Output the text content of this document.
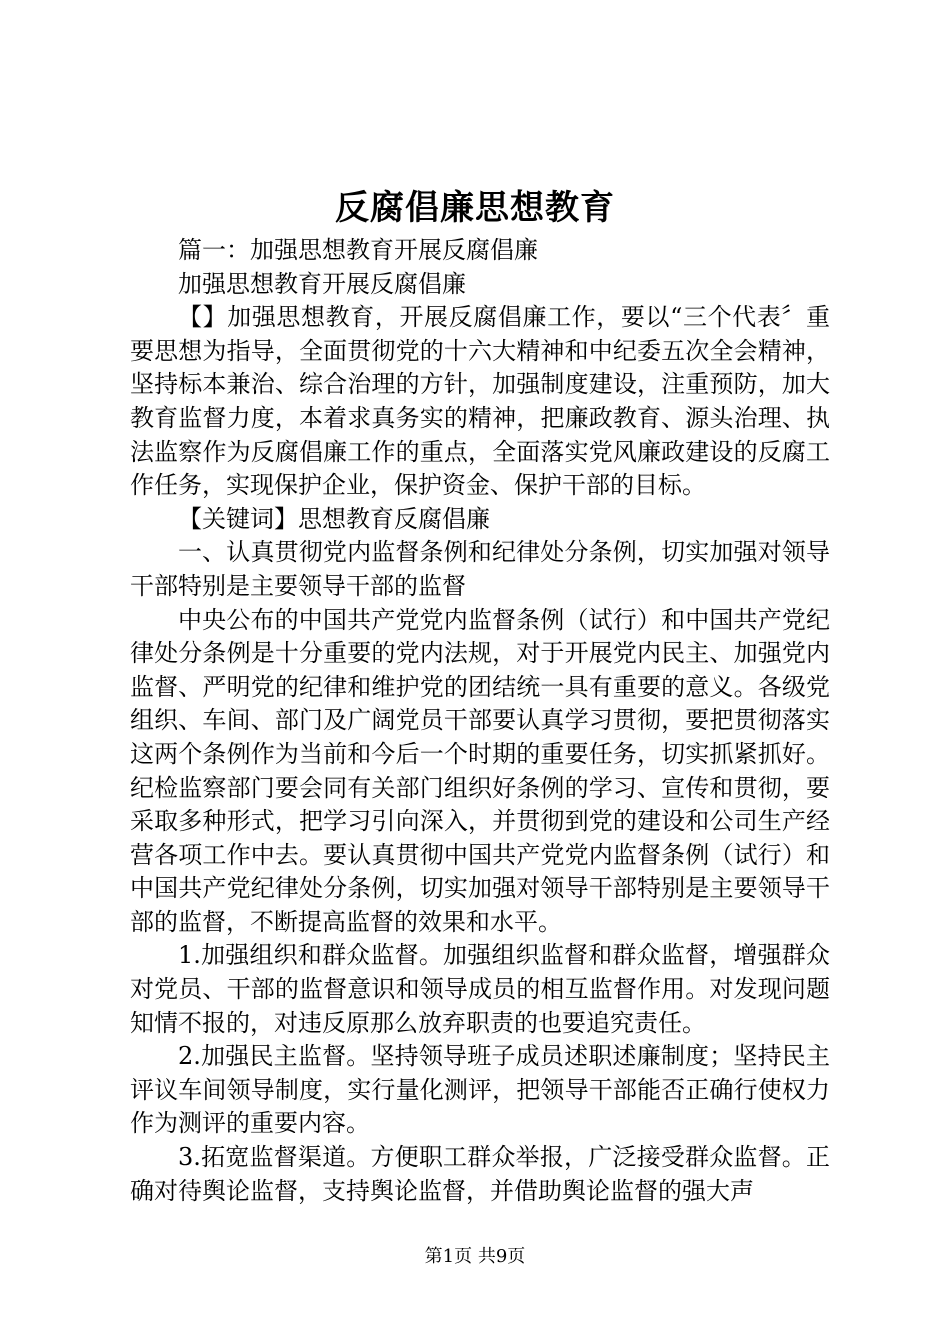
反腐倡廉思想教育

篇一：加强思想教育开展反腐倡廉

加强思想教育开展反腐倡廉

【】加强思想教育，开展反腐倡廉工作，要以“三个代表〞重要思想为指导，全面贯彻党的十六大精神和中纪委五次全会精神，坚持标本兼治、综合治理的方针，加强制度建设，注重预防，加大教育监督力度，本着求真务实的精神，把廉政教育、源头治理、执法监察作为反腐倡廉工作的重点，全面落实党风廉政建设的反腐工作任务，实现保护企业，保护资金、保护干部的目标。

【关键词】思想教育反腐倡廉

一、认真贯彻党内监督条例和纪律处分条例，切实加强对领导干部特别是主要领导干部的监督

中央公布的中国共产党党内监督条例（试行）和中国共产党纪律处分条例是十分重要的党内法规，对于开展党内民主、加强党内监督、严明党的纪律和维护党的团结统一具有重要的意义。各级党组织、车间、部门及广阔党员干部要认真学习贯彻，要把贯彻落实这两个条例作为当前和今后一个时期的重要任务，切实抓紧抓好。纪检监察部门要会同有关部门组织好条例的学习、宣传和贯彻，要采取多种形式，把学习引向深入，并贯彻到党的建设和公司生产经营各项工作中去。要认真贯彻中国共产党党内监督条例（试行）和中国共产党纪律处分条例，切实加强对领导干部特别是主要领导干部的监督，不断提高监督的效果和水平。

1.加强组织和群众监督。加强组织监督和群众监督，增强群众对党员、干部的监督意识和领导成员的相互监督作用。对发现问题知情不报的，对违反原那么放弃职责的也要追究责任。

2.加强民主监督。坚持领导班子成员述职述廉制度；坚持民主评议车间领导制度，实行量化测评，把领导干部能否正确行使权力作为测评的重要内容。

3.拓宽监督渠道。方便职工群众举报，广泛接受群众监督。正确对待舆论监督，支持舆论监督，并借助舆论监督的强大声

第1页 共9页
